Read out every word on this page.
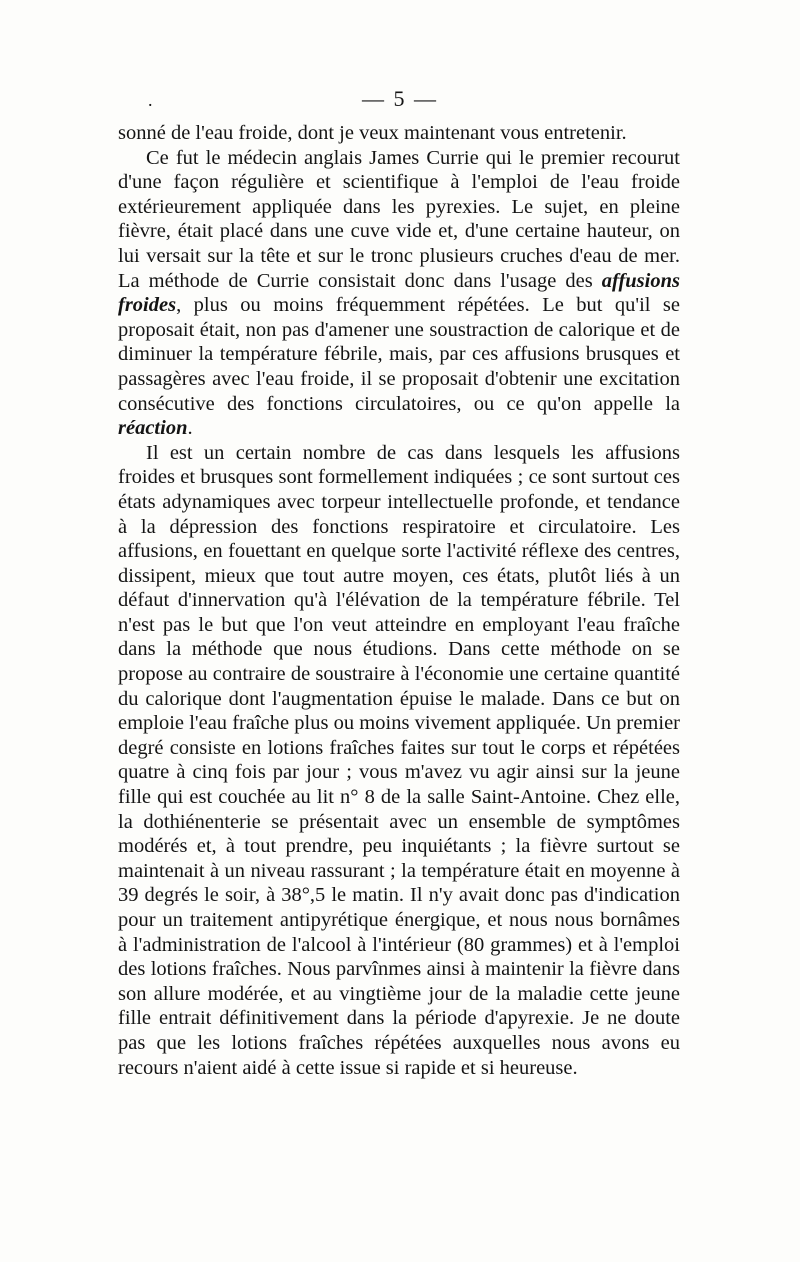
.	— 5 —

sonné de l'eau froide, dont je veux maintenant vous entretenir.

Ce fut le médecin anglais James Currie qui le premier recourut d'une façon régulière et scientifique à l'emploi de l'eau froide extérieurement appliquée dans les pyrexies. Le sujet, en pleine fièvre, était placé dans une cuve vide et, d'une certaine hauteur, on lui versait sur la tête et sur le tronc plusieurs cruches d'eau de mer. La méthode de Currie consistait donc dans l'usage des affusions froides, plus ou moins fréquemment répétées. Le but qu'il se proposait était, non pas d'amener une soustraction de calorique et de diminuer la température fébrile, mais, par ces affusions brusques et passagères avec l'eau froide, il se proposait d'obtenir une excitation consécutive des fonctions circulatoires, ou ce qu'on appelle la réaction.

Il est un certain nombre de cas dans lesquels les affusions froides et brusques sont formellement indiquées ; ce sont surtout ces états adynamiques avec torpeur intellectuelle profonde, et tendance à la dépression des fonctions respiratoire et circulatoire. Les affusions, en fouettant en quelque sorte l'activité réflexe des centres, dissipent, mieux que tout autre moyen, ces états, plutôt liés à un défaut d'innervation qu'à l'élévation de la température fébrile. Tel n'est pas le but que l'on veut atteindre en employant l'eau fraîche dans la méthode que nous étudions. Dans cette méthode on se propose au contraire de soustraire à l'économie une certaine quantité du calorique dont l'augmentation épuise le malade. Dans ce but on emploie l'eau fraîche plus ou moins vivement appliquée. Un premier degré consiste en lotions fraîches faites sur tout le corps et répétées quatre à cinq fois par jour ; vous m'avez vu agir ainsi sur la jeune fille qui est couchée au lit n° 8 de la salle Saint-Antoine. Chez elle, la dothiénenterie se présentait avec un ensemble de symptômes modérés et, à tout prendre, peu inquiétants ; la fièvre surtout se maintenait à un niveau rassurant ; la température était en moyenne à 39 degrés le soir, à 38°,5 le matin. Il n'y avait donc pas d'indication pour un traitement antipyrétique énergique, et nous nous bornâmes à l'administration de l'alcool à l'intérieur (80 grammes) et à l'emploi des lotions fraîches. Nous parvînmes ainsi à maintenir la fièvre dans son allure modérée, et au vingtième jour de la maladie cette jeune fille entrait définitivement dans la période d'apyrexie. Je ne doute pas que les lotions fraîches répétées auxquelles nous avons eu recours n'aient aidé à cette issue si rapide et si heureuse.
